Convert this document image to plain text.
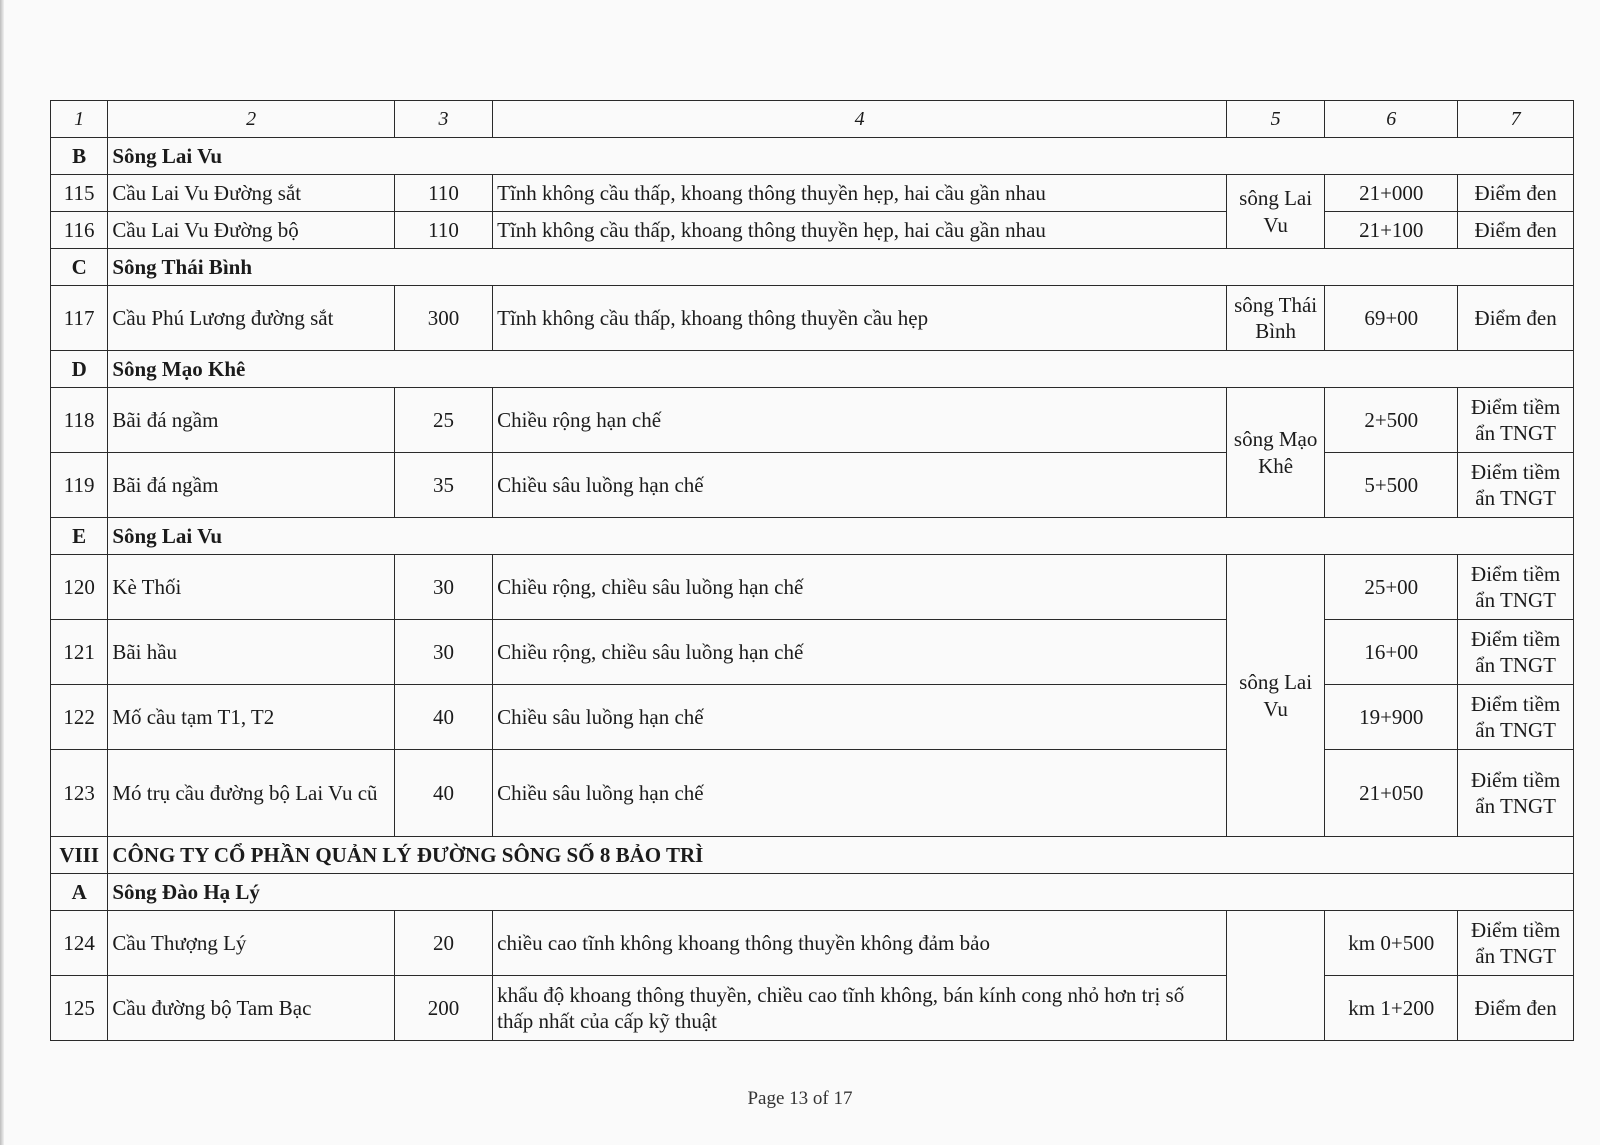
1	2	3	4	5	6	7
B	Sông Lai Vu					
115	Cầu Lai Vu Đường sắt	110	Tĩnh không cầu thấp, khoang thông thuyền hẹp, hai cầu gần nhau	sông Lai Vu	21+000	Điểm đen
116	Cầu Lai Vu Đường bộ	110	Tĩnh không cầu thấp, khoang thông thuyền hẹp, hai cầu gần nhau		21+100	Điểm đen
C	Sông Thái Bình					
117	Cầu Phú Lương đường sắt	300	Tĩnh không cầu thấp, khoang thông thuyền cầu hẹp	sông Thái Bình	69+00	Điểm đen
D	Sông Mạo Khê					
118	Bãi đá ngầm	25	Chiều rộng hạn chế	sông Mạo Khê	2+500	Điểm tiềm ẩn TNGT
119	Bãi đá ngầm	35	Chiều sâu luồng hạn chế		5+500	Điểm tiềm ẩn TNGT
E	Sông Lai Vu					
120	Kè Thối	30	Chiều rộng, chiều sâu luồng hạn chế	sông Lai Vu	25+00	Điểm tiềm ẩn TNGT
121	Bãi hầu	30	Chiều rộng, chiều sâu luồng hạn chế		16+00	Điểm tiềm ẩn TNGT
122	Mố cầu tạm T1, T2	40	Chiều sâu luồng hạn chế		19+900	Điểm tiềm ẩn TNGT
123	Mó trụ cầu đường bộ Lai Vu cũ	40	Chiều sâu luồng hạn chế		21+050	Điểm tiềm ẩn TNGT
VIII	CÔNG TY CỔ PHẦN QUẢN LÝ ĐƯỜNG SÔNG SỐ 8 BẢO TRÌ					
A	Sông Đào Hạ Lý					
124	Cầu Thượng Lý	20	chiều cao tĩnh không khoang thông thuyền không đảm bảo		km 0+500	Điểm tiềm ẩn TNGT
125	Cầu đường bộ Tam Bạc	200	khẩu độ khoang thông thuyền, chiều cao tĩnh không, bán kính cong nhỏ hơn trị số thấp nhất của cấp kỹ thuật		km 1+200	Điểm đen
Page 13 of 17
